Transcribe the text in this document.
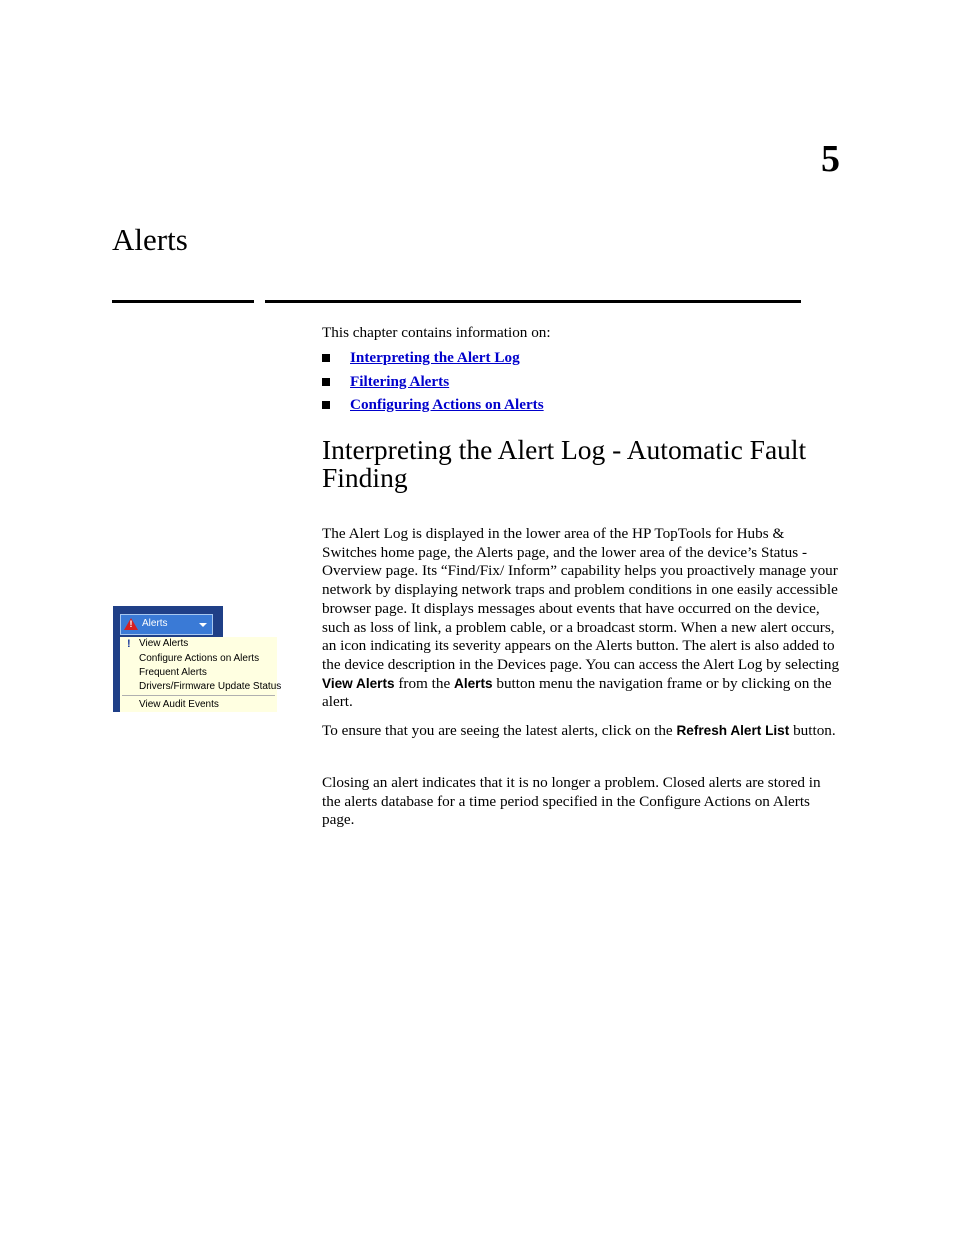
5
Alerts

This chapter contains information on:

Interpreting the Alert Log
Filtering Alerts
Configuring Actions on Alerts
Interpreting the Alert Log - Automatic Fault Finding
! Alerts
! View Alerts
Configure Actions on Alerts
Frequent Alerts
Drivers/Firmware Update Status
View Audit Events

The Alert Log is displayed in the lower area of the HP TopTools for Hubs & Switches home page, the Alerts page, and the lower area of the device’s Status - Overview page. Its “Find/Fix/ Inform” capability helps you proactively manage your network by displaying network traps and problem conditions in one easily accessible browser page. It displays messages about events that have occurred on the device, such as loss of link, a problem cable, or a broadcast storm. When a new alert occurs, an icon indicating its severity appears on the Alerts button. The alert is also added to the device description in the Devices page. You can access the Alert Log by selecting View Alerts from the Alerts button menu the navigation frame or by clicking on the alert.

To ensure that you are seeing the latest alerts, click on the Refresh Alert List button.

Closing an alert indicates that it is no longer a problem. Closed alerts are stored in the alerts database for a time period specified in the Configure Actions on Alerts page.
